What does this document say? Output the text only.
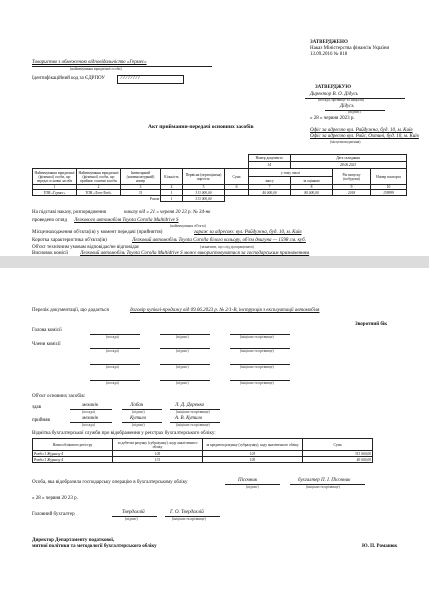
ЗАТВЕРДЖЕНО
Наказ Міністерства фінансів України
13.09.2016 № 818
Товариство з обмеженою відповідальністю «Гермес»
(найменування юридичної особи)
Ідентифікаційний код за ЄДРПОУ	77777777
ЗАТВЕРДЖУЮ
Директор В. О. Дідусь
(посада, прізвище та ініціали)
Дідусь
(підпис)
« 28 » червня 2023 р.
Офіс за адресою вул. Райдужна, буд. 10, м. Київ
Офіс за адресою вул. Райс, Охтині, буд. 10, м. Київ
(місцезнаходження)
Акт приймання-передачі основних засобів
	Номер документа	Дата складання
	14	28.06.2023
Найменування юридичної (фізичної) особи, що передає основні засоби	Найменування юридичної (фізичної) особи, що приймає основні засоби	Інвентарний (номенклатурний) номер	Кількість	Первісна (переоцінена) вартість	Сума	у тому числі		Рік випуску (побудови)	Номер паспорта
						зносу	за оцінкою		
1	2	3	4	5	6	7	8	9	10
ТОВ «Гермес»	ТОВ «Лот-Лтд»	31	1	313 000,00		40 000,00	80 000,00	2018	159999
Разом			1	313 000,00					
На підставі наказу, розпорядження	наказу від « 21 » червня 20 23 р. № 34-нк
проведено огляд Легкового автомобіля Toyota Corolla Multidrive S
(найменування об'єкта)
Місцезнаходження об'єкта(ів) у момент передачі (прийняття)	гараж за адресою: вул. Райдужна, буд. 10, м. Київ
Коротка характеристика об'єкта(ів)	Легковий автомобіль Toyota Corolla білого кольору, об'єм двигуна — 1598 см. куб.
Об'єкт технічним умовам відповідає/не відповідає
Висновок комісії Легковий автомобіль Toyota Corolla Multidrive S може використовуватися за господарським призначенням
(зазначити, що слід доопрацювати)
Перелік документації, що додається	договір купівлі-продажу від 09.06.2023 р. № 2/1-В, інструкція з експлуатації автомобіля
Зворотний бік
Голова комісії
(посада)	(підпис)	(ініціали та прізвище)
Члени комісії
(посада)	(підпис)	(ініціали та прізвище)
(посада)	(підпис)	(ініціали та прізвище)
(посада)	(підпис)	(ініціали та прізвище)
Об'єкт основних засобів:
здав	механік	Лобач	Л. Д. Доренко
(посада)	(підпис)	(ініціали та прізвище)
прийняв	механік	Кутило	А. В. Кутило
(посада)	(підпис)	(ініціали та прізвище)
Відмітка бухгалтерської служби про відображення у реєстрах бухгалтерського обліку:
Назва облікового регістру	за дебетом рахунку (субрахунку), коду аналітичного обліку	за кредитом рахунку (субрахунку), коду аналітичного обліку	Сума
Розділ 1 Журналу 4	105	103	313 000,00
Розділ 1 Журналу 4	131	105	40 000,00
Особа, яка відобразила господарську операцію в бухгалтерському обліку	Пісочник	бухгалтер П. І. Пісочник
(підпис)	(ініціали та прізвище)
« 28 » червня 20 23 р.
Головний бухгалтер	Твердохлій	Г. О. Твердохлій
(підпис)	(ініціали та прізвище)
Директор Департаменту податкової,
митної політики та методології бухгалтерського обліку	Ю. П. Романюк
